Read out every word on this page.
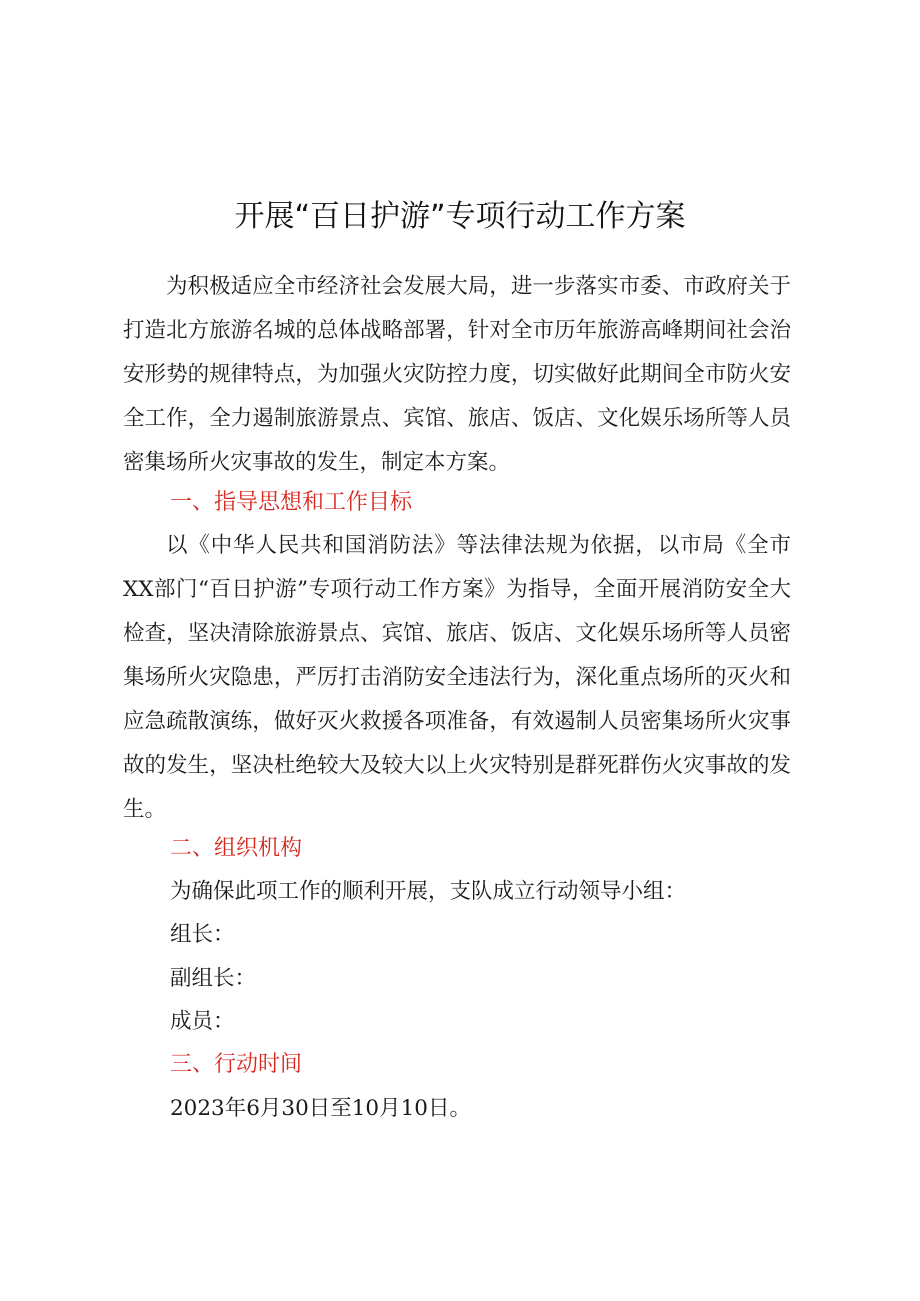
开展“百日护游”专项行动工作方案

为积极适应全市经济社会发展大局，进一步落实市委、市政府关于打造北方旅游名城的总体战略部署，针对全市历年旅游高峰期间社会治安形势的规律特点，为加强火灾防控力度，切实做好此期间全市防火安全工作，全力遏制旅游景点、宾馆、旅店、饭店、文化娱乐场所等人员密集场所火灾事故的发生，制定本方案。

一、指导思想和工作目标

以《中华人民共和国消防法》等法律法规为依据，以市局《全市XX部门“百日护游”专项行动工作方案》为指导，全面开展消防安全大检查，坚决清除旅游景点、宾馆、旅店、饭店、文化娱乐场所等人员密集场所火灾隐患，严厉打击消防安全违法行为，深化重点场所的灭火和应急疏散演练，做好灭火救援各项准备，有效遏制人员密集场所火灾事故的发生，坚决杜绝较大及较大以上火灾特别是群死群伤火灾事故的发生。

二、组织机构
为确保此项工作的顺利开展，支队成立行动领导小组：
组长：
副组长：
成员：
三、行动时间
2023年6月30日至10月10日。
